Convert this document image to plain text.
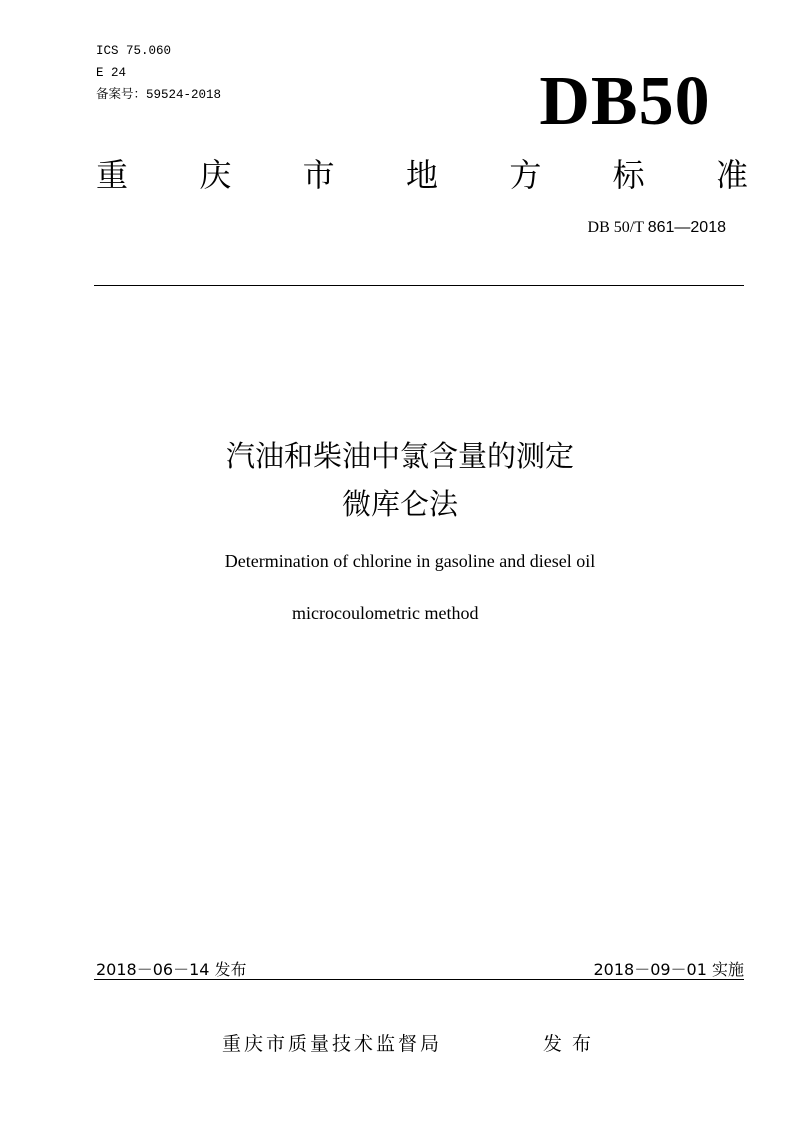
ICS 75.060
E 24
备案号：59524-2018	DB50
重 庆 市 地 方 标 准
DB 50/T 861—2018
汽油和柴油中氯含量的测定
微库仑法
Determination of chlorine in gasoline and diesel oil
microcoulometric method
2018－06－14 发布	2018－09－01 实施
重庆市质量技术监督局	发布
